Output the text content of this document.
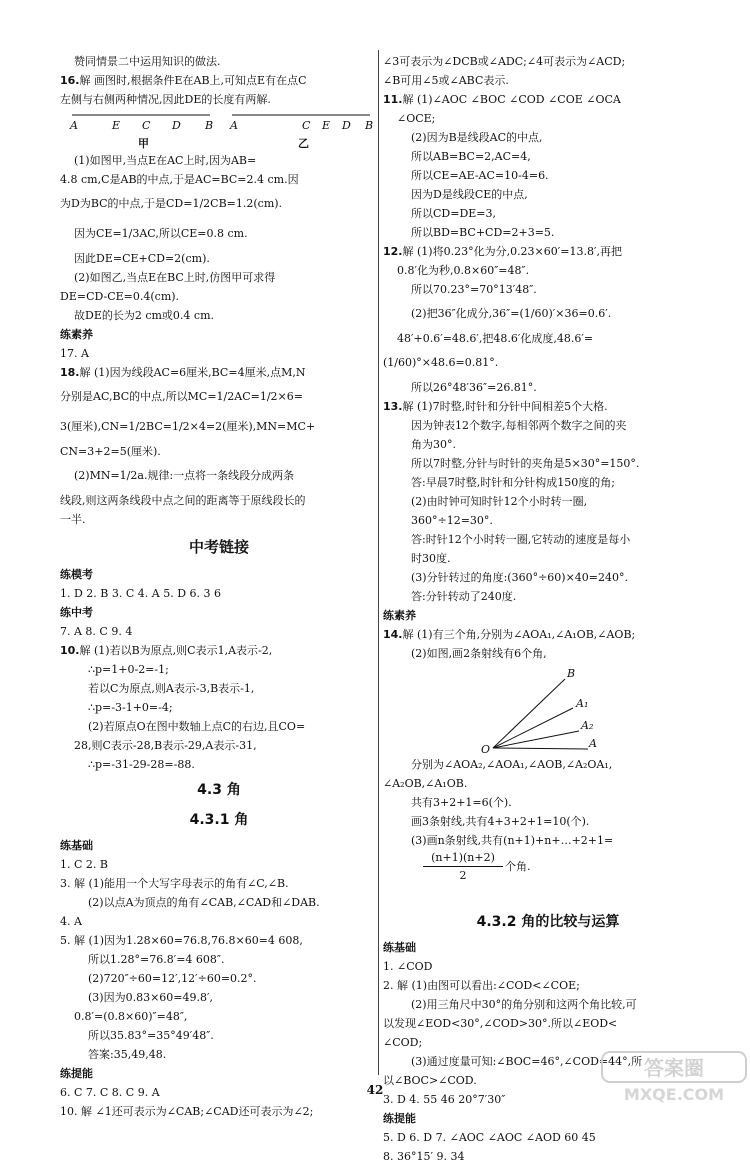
赞同情景二中运用知识的做法.
16.解 画图时,根据条件E在AB上,可知点E有在点C
左侧与右侧两种情况,因此DE的长度有两解.
A	E C D B A	C E D B
甲	乙
(1)如图甲,当点E在AC上时,因为AB=
4.8 cm,C是AB的中点,于是AC=BC=2.4 cm.因
为D为BC的中点,于是CD=1/2CB=1.2(cm).
因为CE=1/3AC,所以CE=0.8 cm.
因此DE=CE+CD=2(cm).
(2)如图乙,当点E在BC上时,仿图甲可求得
DE=CD-CE=0.4(cm).
故DE的长为2 cm或0.4 cm.
练素养
17. A
18.解 (1)因为线段AC=6厘米,BC=4厘米,点M,N
分别是AC,BC的中点,所以MC=1/2AC=1/2×6=
3(厘米),CN=1/2BC=1/2×4=2(厘米),MN=MC+
CN=3+2=5(厘米).
(2)MN=1/2a.规律:一点将一条线段分成两条
线段,则这两条线段中点之间的距离等于原线段长的
一半.
中考链接
练模考
1. D 2. B 3. C 4. A 5. D 6. 3 6
练中考
7. A 8. C 9. 4
10.解 (1)若以B为原点,则C表示1,A表示-2,
∴p=1+0-2=-1;
若以C为原点,则A表示-3,B表示-1,
∴p=-3-1+0=-4;
(2)若原点O在图中数轴上点C的右边,且CO=
28,则C表示-28,B表示-29,A表示-31,
∴p=-31-29-28=-88.
4.3 角
4.3.1 角
练基础
1. C 2. B
3. 解 (1)能用一个大写字母表示的角有∠C,∠B.
(2)以点A为顶点的角有∠CAB,∠CAD和∠DAB.
4. A
5. 解 (1)因为1.28×60=76.8,76.8×60=4 608,
所以1.28°=76.8′=4 608″.
(2)720″÷60=12′,12′÷60=0.2°.
(3)因为0.83×60=49.8′,
0.8′=(0.8×60)″=48″,
所以35.83°=35°49′48″.
答案:35,49,48.
练提能
6. C 7. C 8. C 9. A
10. 解 ∠1还可表示为∠CAB;∠CAD还可表示为∠2;
∠3可表示为∠DCB或∠ADC;∠4可表示为∠ACD;
∠B可用∠5或∠ABC表示.
11.解 (1)∠AOC ∠BOC ∠COD ∠COE ∠OCA
∠OCE;
(2)因为B是线段AC的中点,
所以AB=BC=2,AC=4,
所以CE=AE-AC=10-4=6.
因为D是线段CE的中点,
所以CD=DE=3,
所以BD=BC+CD=2+3=5.
12.解 (1)将0.23°化为分,0.23×60′=13.8′,再把
0.8′化为秒,0.8×60″=48″.
所以70.23°=70°13′48″.
(2)把36″化成分,36″=(1/60)′×36=0.6′.
48′+0.6′=48.6′,把48.6′化成度,48.6′=
(1/60)°×48.6=0.81°.
所以26°48′36″=26.81°.
13.解 (1)7时整,时针和分针中间相差5个大格.
因为钟表12个数字,每相邻两个数字之间的夹
角为30°.
所以7时整,分针与时针的夹角是5×30°=150°.
答:早晨7时整,时针和分针构成150度的角;
(2)由时钟可知时针12个小时转一圈,
360°÷12=30°.
答:时针12个小时转一圈,它转动的速度是每小
时30度.
(3)分针转过的角度:(360°÷60)×40=240°.
答:分针转动了240度.
练素养
14.解 (1)有三个角,分别为∠AOA₁,∠A₁OB,∠AOB;
(2)如图,画2条射线有6个角,
B
A₁
A₂
A
O
分别为∠AOA₂,∠AOA₁,∠AOB,∠A₂OA₁,
∠A₂OB,∠A₁OB.
共有3+2+1=6(个).
画3条射线,共有4+3+2+1=10(个).
(3)画n条射线,共有(n+1)+n+…+2+1=
(n+1)(n+2)
2
个角.
4.3.2 角的比较与运算
练基础
1. ∠COD
2. 解 (1)由图可以看出:∠COD<∠COE;
(2)用三角尺中30°的角分别和这两个角比较,可
以发现∠EOD<30°,∠COD>30°.所以∠EOD<
∠COD;
(3)通过度量可知:∠BOC=46°,∠COD=44°,所
以∠BOC>∠COD.
3. D 4. 55 46 20°7′30″
练提能
5. D 6. D 7. ∠AOC ∠AOC ∠AOD 60 45
8. 36°15′ 9. 34
42
答案圈
MXQE.COM
